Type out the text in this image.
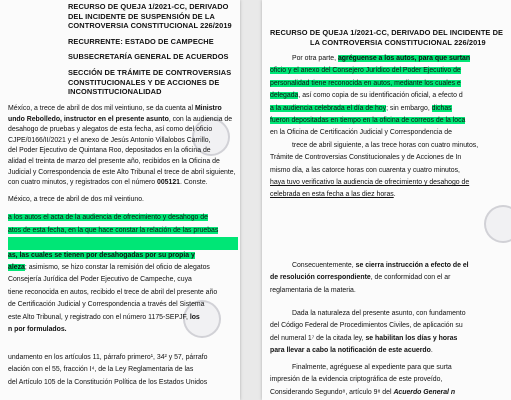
RECURSO DE QUEJA 1/2021-CC, DERIVADO
DEL INCIDENTE DE SUSPENSIÓN DE LA
CONTROVERSIA CONSTITUCIONAL 226/2019
RECURRENTE: ESTADO DE CAMPECHE
SUBSECRETARÍA GENERAL DE ACUERDOS
SECCIÓN DE TRÁMITE DE CONTROVERSIAS
CONSTITUCIONALES Y DE ACCIONES DE
INCONSTITUCIONALIDAD
Méxíco, a trece de abril de dos mil veintiuno, se da cuenta al Ministro
undo Rebolledo, instructor en el presente asunto, con la audiencia de
desahogo de pruebas y alegatos de esta fecha, así como del oficio
CJPE/0166/II/2021 y el anexo de Jesús Antonio Villalobos Carrillo,
del Poder Ejecutivo de Quintana Roo, depositados en la oficina de
alidad el treinta de marzo del presente año, recibidos en la Oficina de
Judicial y Correspondencia de este Alto Tribunal el trece de abril siguiente,
con cuatro minutos, y registrados con el número 005121. Conste.
México, a trece de abril de dos mil veintiuno.
a los autos el acta de la audiencia de ofrecimiento y desahogo de
atos de esta fecha, en la que hace constar la relación de las pruebas

as, las cuales se tienen por desahogadas por su propia y
aleza; asimismo, se hizo constar la remisión del oficio de alegatos
Consejería Jurídica del Poder Ejecutivo de Campeche, cuya
tiene reconocida en autos, recibido el trece de abril del presente año
de Certificación Judicial y Correspondencia a través del Sistema
este Alto Tribunal, y registrado con el número 1175-SEPJF, los
n por formulados.
undamento en los artículos 11, párrafo primero¹, 34² y 57, párrafo
elación con el 55, fracción I⁴, de la Ley Reglamentaria de las
del Artículo 105 de la Constitución Política de los Estados Unidos
RECURSO DE QUEJA 1/2021-CC, DERIVADO DEL INCIDENTE DE
LA CONTROVERSIA CONSTITUCIONAL 226/2019
Por otra parte, agréguense a los autos, para que surtan
oficio y el anexo del Consejero Jurídico del Poder Ejecutivo de
personalidad tiene reconocida en autos, mediante los cuales e
delegada, así como copia de su identificación oficial, a efecto d
a la audiencia celebrada el día de hoy; sin embargo, dichas
fueron depositadas en tiempo en la oficina de correos de la loca
en la Oficina de Certificación Judicial y Correspondencia de
trece de abril siguiente, a las trece horas con cuatro minutos,
Trámite de Controversias Constitucionales y de Acciones de In
mismo día, a las catorce horas con cuarenta y cuatro minutos,
haya tuvo verificativo la audiencia de ofrecimiento y desahogo de
celebrada en esta fecha a las diez horas.
Consecuentemente, se cierra instrucción a efecto de el
de resolución correspondiente, de conformidad con el ar
reglamentaria de la materia.
Dada la naturaleza del presente asunto, con fundamento
del Código Federal de Procedimientos Civiles, de aplicación su
del numeral 1⁷ de la citada ley, se habilitan los días y horas
para llevar a cabo la notificación de este acuerdo.
Finalmente, agréguese al expediente para que surta
impresión de la evidencia criptográfica de este proveído,
Considerando Segundo⁸, artículo 9⁸ del Acuerdo General n
